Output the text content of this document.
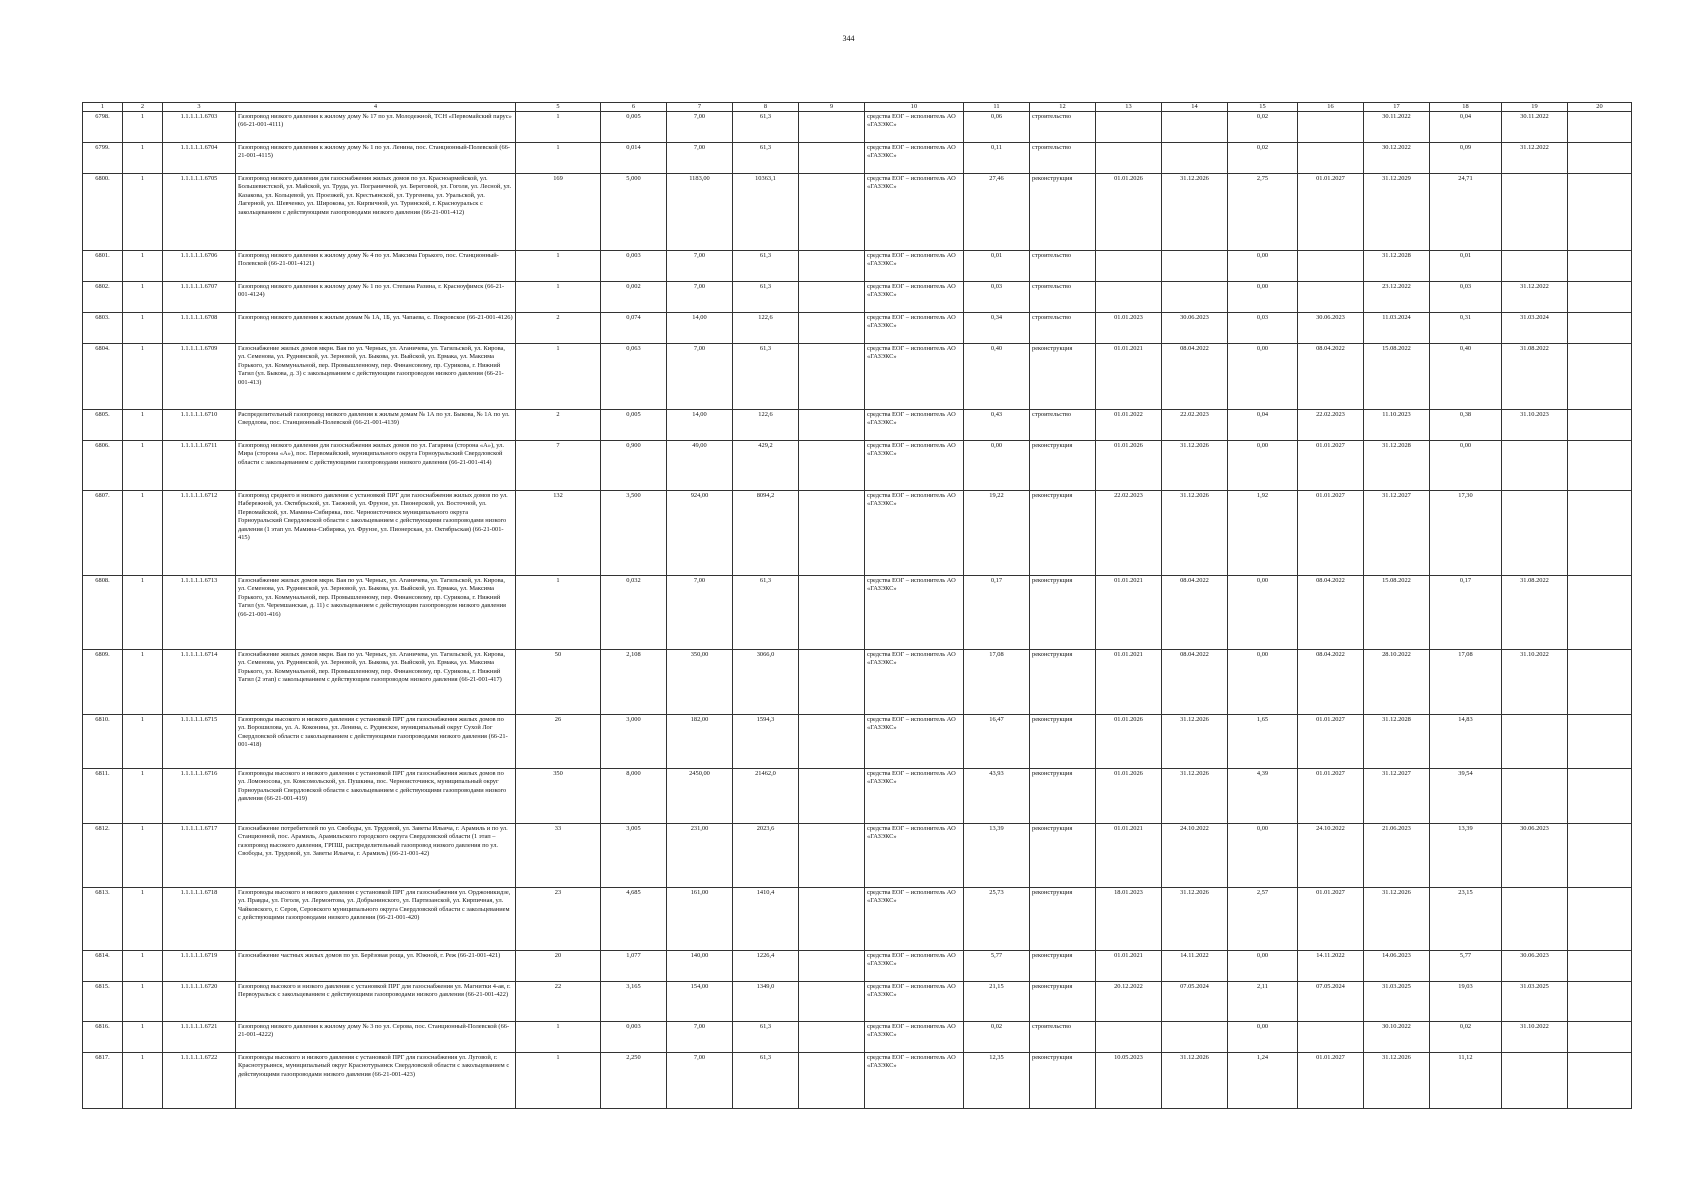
344
1	2	3	4	5	6	7	8	9	10	11	12	13	14	15	16	17	18	19	20
6798.	1	1.1.1.1.1.6703	Газопровод низкого давления к жилому дому № 17 по ул. Молодежной, ТСН «Первомайский парус» (66-21-001-4111)	1	0,005	7,00	61,3		средства ЕОГ – исполнитель АО «ГАЗЭКС»	0,06	строительство			0,02		30.11.2022	0,04	30.11.2022	
6799.	1	1.1.1.1.1.6704	Газопровод низкого давления к жилому дому № 1 по ул. Ленина, пос. Станционный-Полевской (66-21-001-4115)	1	0,014	7,00	61,3		средства ЕОГ – исполнитель АО «ГАЗЭКС»	0,11	строительство			0,02		30.12.2022	0,09	31.12.2022	
6800.	1	1.1.1.1.1.6705	Газопровод низкого давления для газоснабжения жилых домов по ул. Красноармейской, ул. Большевистской, ул. Майской, ул. Труда, ул. Пограничной, ул. Береговой, ул. Гоголя, ул. Лесной, ул. Казакова, ул. Кольцевой, ул. Проезжей, ул. Крестьянской, ул. Тургенева, ул. Уральской, ул. Лагерной, ул. Шевченко, ул. Широкова, ул. Кирпичной, ул. Туринской, г. Красноуральск с закольцеванием с действующими газопроводами низкого давления (66-21-001-412)	169	5,000	1183,00	10363,1		средства ЕОГ – исполнитель АО «ГАЗЭКС»	27,46	реконструкция	01.01.2026	31.12.2026	2,75	01.01.2027	31.12.2029	24,71		
6801.	1	1.1.1.1.1.6706	Газопровод низкого давления к жилому дому № 4 по ул. Максима Горького, пос. Станционный-Полевской (66-21-001-4121)	1	0,003	7,00	61,3		средства ЕОГ – исполнитель АО «ГАЗЭКС»	0,01	строительство			0,00		31.12.2028	0,01		
6802.	1	1.1.1.1.1.6707	Газопровод низкого давления к жилому дому № 1 по ул. Степана Разина, г. Красноуфимск (66-21-001-4124)	1	0,002	7,00	61,3		средства ЕОГ – исполнитель АО «ГАЗЭКС»	0,03	строительство			0,00		23.12.2022	0,03	31.12.2022	
6803.	1	1.1.1.1.1.6708	Газопровод низкого давления к жилым домам № 1А, 1Б, ул. Чапаева, с. Покровское (66-21-001-4126)	2	0,074	14,00	122,6		средства ЕОГ – исполнитель АО «ГАЗЭКС»	0,34	строительство	01.01.2023	30.06.2023	0,03	30.06.2023	11.03.2024	0,31	31.03.2024	
6804.	1	1.1.1.1.1.6709	Газоснабжение жилых домов мкрн. Вая по ул. Черных, ул. Аганичева, ул. Тагильской, ул. Кирова, ул. Семенова, ул. Руднянской, ул. Зерновой, ул. Быкова, ул. Выйской, ул. Ермака, ул. Максима Горького, ул. Коммунальной, пер. Промышленному, пер. Финансовому, пр. Сурикова, г. Нижний Тагил (ул. Быкова, д. 3) с закольцеванием с действующим газопроводом низкого давления (66-21-001-413)	1	0,063	7,00	61,3		средства ЕОГ – исполнитель АО «ГАЗЭКС»	0,40	реконструкция	01.01.2021	08.04.2022	0,00	08.04.2022	15.08.2022	0,40	31.08.2022	
6805.	1	1.1.1.1.1.6710	Распределительный газопровод низкого давления к жилым домам № 1А по ул. Быкова, № 1А по ул. Свердлова, пос. Станционный-Полевской (66-21-001-4139)	2	0,005	14,00	122,6		средства ЕОГ – исполнитель АО «ГАЗЭКС»	0,43	строительство	01.01.2022	22.02.2023	0,04	22.02.2023	11.10.2023	0,38	31.10.2023	
6806.	1	1.1.1.1.1.6711	Газопровод низкого давления для газоснабжения жилых домов по ул. Гагарина (сторона «А»), ул. Мира (сторона «А»), пос. Первомайский, муниципального округа Горноуральский Свердловской области с закольцеванием с действующими газопроводами низкого давления (66-21-001-414)	7	0,900	49,00	429,2		средства ЕОГ – исполнитель АО «ГАЗЭКС»	0,00	реконструкция	01.01.2026	31.12.2026	0,00	01.01.2027	31.12.2028	0,00		
6807.	1	1.1.1.1.1.6712	Газопровод среднего и низкого давления с установкой ПРГ для газоснабжения жилых домов по ул. Набережной, ул. Октябрьской, ул. Таежной, ул. Фрунзе, ул. Пионерской, ул. Восточной, ул. Первомайской, ул. Мамина-Сибиряка, пос. Черноисточинск муниципального округа Горноуральский Свердловской области с закольцеванием с действующими газопроводами низкого давления (1 этап ул. Мамина-Сибиряка, ул. Фрунзе, ул. Пионерская, ул. Октябрьская) (66-21-001-415)	132	3,500	924,00	8094,2		средства ЕОГ – исполнитель АО «ГАЗЭКС»	19,22	реконструкция	22.02.2023	31.12.2026	1,92	01.01.2027	31.12.2027	17,30		
6808.	1	1.1.1.1.1.6713	Газоснабжение жилых домов мкрн. Вая по ул. Черных, ул. Аганичева, ул. Тагильской, ул. Кирова, ул. Семенова, ул. Руднянской, ул. Зерновой, ул. Быкова, ул. Выйской, ул. Ермака, ул. Максима Горького, ул. Коммунальной, пер. Промышленному, пер. Финансовому, пр. Сурикова, г. Нижний Тагил (ул. Черемшанская, д. 11) с закольцеванием с действующим газопроводом низкого давления (66-21-001-416)	1	0,032	7,00	61,3		средства ЕОГ – исполнитель АО «ГАЗЭКС»	0,17	реконструкция	01.01.2021	08.04.2022	0,00	08.04.2022	15.08.2022	0,17	31.08.2022	
6809.	1	1.1.1.1.1.6714	Газоснабжение жилых домов мкрн. Вая по ул. Черных, ул. Аганичева, ул. Тагильской, ул. Кирова, ул. Семенова, ул. Руднянской, ул. Зерновой, ул. Быкова, ул. Выйской, ул. Ермака, ул. Максима Горького, ул. Коммунальной, пер. Промышленному, пер. Финансовому, пр. Сурикова, г. Нижний Тагил (2 этап) с закольцеванием с действующим газопроводом низкого давления (66-21-001-417)	50	2,108	350,00	3066,0		средства ЕОГ – исполнитель АО «ГАЗЭКС»	17,08	реконструкция	01.01.2021	08.04.2022	0,00	08.04.2022	28.10.2022	17,08	31.10.2022	
6810.	1	1.1.1.1.1.6715	Газопроводы высокого и низкого давления с установкой ПРГ для газоснабжения жилых домов по ул. Ворошилова, ул. А. Коконина, ул. Ленина, с. Рудянское, муниципальный округ Сухой Лог Свердловской области с закольцеванием с действующими газопроводами низкого давления (66-21-001-418)	26	3,000	182,00	1594,3		средства ЕОГ – исполнитель АО «ГАЗЭКС»	16,47	реконструкция	01.01.2026	31.12.2026	1,65	01.01.2027	31.12.2028	14,83		
6811.	1	1.1.1.1.1.6716	Газопроводы высокого и низкого давления с установкой ПРГ для газоснабжения жилых домов по ул. Ломоносова, ул. Комсомольской, ул. Пушкина, пос. Черноисточинск, муниципальный округ Горноуральский Свердловской области с закольцеванием с действующими газопроводами низкого давления (66-21-001-419)	350	8,000	2450,00	21462,0		средства ЕОГ – исполнитель АО «ГАЗЭКС»	43,93	реконструкция	01.01.2026	31.12.2026	4,39	01.01.2027	31.12.2027	39,54		
6812.	1	1.1.1.1.1.6717	Газоснабжение потребителей по ул. Свободы, ул. Трудовой, ул. Заветы Ильича, г. Арамиль и по ул. Станционной, пос. Арамиль, Арамильского городского округа Свердловской области (1 этап – газопровод высокого давления, ГРПШ, распределительный газопровод низкого давления по ул. Свободы, ул. Трудовой, ул. Заветы Ильича, г. Арамиль) (66-21-001-42)	33	3,005	231,00	2023,6		средства ЕОГ – исполнитель АО «ГАЗЭКС»	13,39	реконструкция	01.01.2021	24.10.2022	0,00	24.10.2022	21.06.2023	13,39	30.06.2023	
6813.	1	1.1.1.1.1.6718	Газопроводы высокого и низкого давления с установкой ПРГ для газоснабжения ул. Орджоникидзе, ул. Правды, ул. Гоголя, ул. Лермонтова, ул. Добрынинского, ул. Партизанской, ул. Кирпичная, ул. Чайковского, г. Серов, Серовского муниципального округа Свердловской области с закольцеванием с действующими газопроводами низкого давления (66-21-001-420)	23	4,685	161,00	1410,4		средства ЕОГ – исполнитель АО «ГАЗЭКС»	25,73	реконструкция	18.01.2023	31.12.2026	2,57	01.01.2027	31.12.2026	23,15		
6814.	1	1.1.1.1.1.6719	Газоснабжение частных жилых домов по ул. Берёзовая роща, ул. Южной, г. Реж (66-21-001-421)	20	1,077	140,00	1226,4		средства ЕОГ – исполнитель АО «ГАЗЭКС»	5,77	реконструкция	01.01.2021	14.11.2022	0,00	14.11.2022	14.06.2023	5,77	30.06.2023	
6815.	1	1.1.1.1.1.6720	Газопровод высокого и низкого давления с установкой ПРГ для газоснабжения ул. Магнитки 4-ая, г. Первоуральск с закольцеванием с действующими газопроводами низкого давления (66-21-001-422)	22	3,165	154,00	1349,0		средства ЕОГ – исполнитель АО «ГАЗЭКС»	21,15	реконструкция	20.12.2022	07.05.2024	2,11	07.05.2024	31.03.2025	19,03	31.03.2025	
6816.	1	1.1.1.1.1.6721	Газопровод низкого давления к жилому дому № 3 по ул. Серова, пос. Станционный-Полевской (66-21-001-4222)	1	0,003	7,00	61,3		средства ЕОГ – исполнитель АО «ГАЗЭКС»	0,02	строительство			0,00		30.10.2022	0,02	31.10.2022	
6817.	1	1.1.1.1.1.6722	Газопроводы высокого и низкого давления с установкой ПРГ для газоснабжения ул. Луговой, г. Краснотурьинск, муниципальный округ Краснотурьинск Свердловской области с закольцеванием с действующими газопроводами низкого давления (66-21-001-423)	1	2,250	7,00	61,3		средства ЕОГ – исполнитель АО «ГАЗЭКС»	12,35	реконструкция	10.05.2023	31.12.2026	1,24	01.01.2027	31.12.2026	11,12		
